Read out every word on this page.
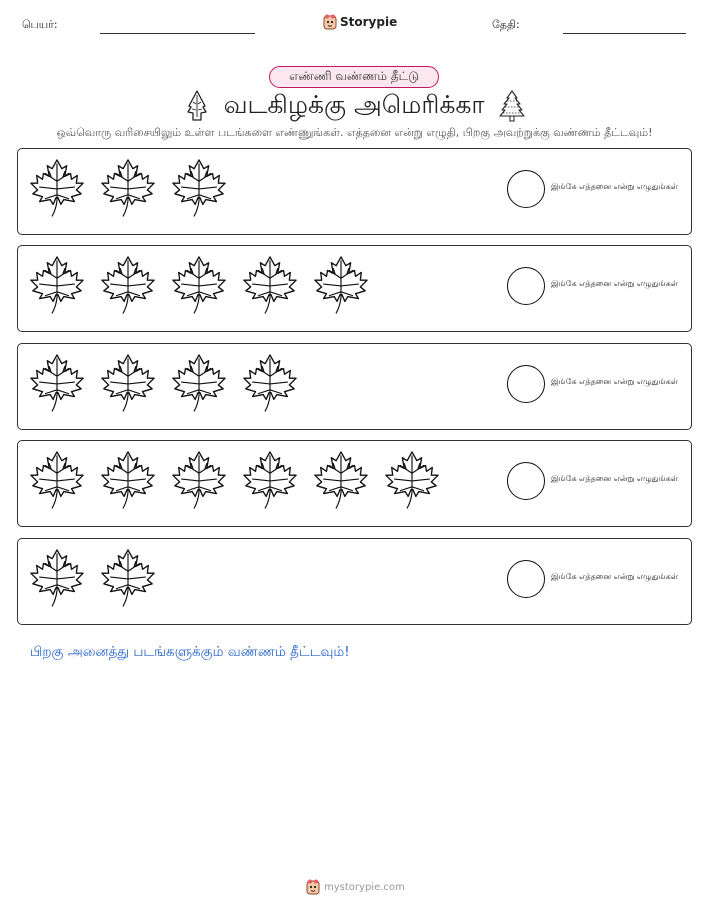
பெயர்:	Storypie	தேதி:
எண்ணி வண்ணம் தீட்டு
வடகிழக்கு அமெரிக்கா
ஒவ்வொரு வரிசையிலும் உள்ள படங்களை எண்ணுங்கள். எத்தனை என்று எழுதி, பிறகு அவற்றுக்கு வண்ணம் தீட்டவும்!
இங்கே எத்தனை என்று எழுதுங்கள்
இங்கே எத்தனை என்று எழுதுங்கள்
இங்கே எத்தனை என்று எழுதுங்கள்
இங்கே எத்தனை என்று எழுதுங்கள்
இங்கே எத்தனை என்று எழுதுங்கள்
பிறகு அனைத்து படங்களுக்கும் வண்ணம் தீட்டவும்!
mystorypie.com
